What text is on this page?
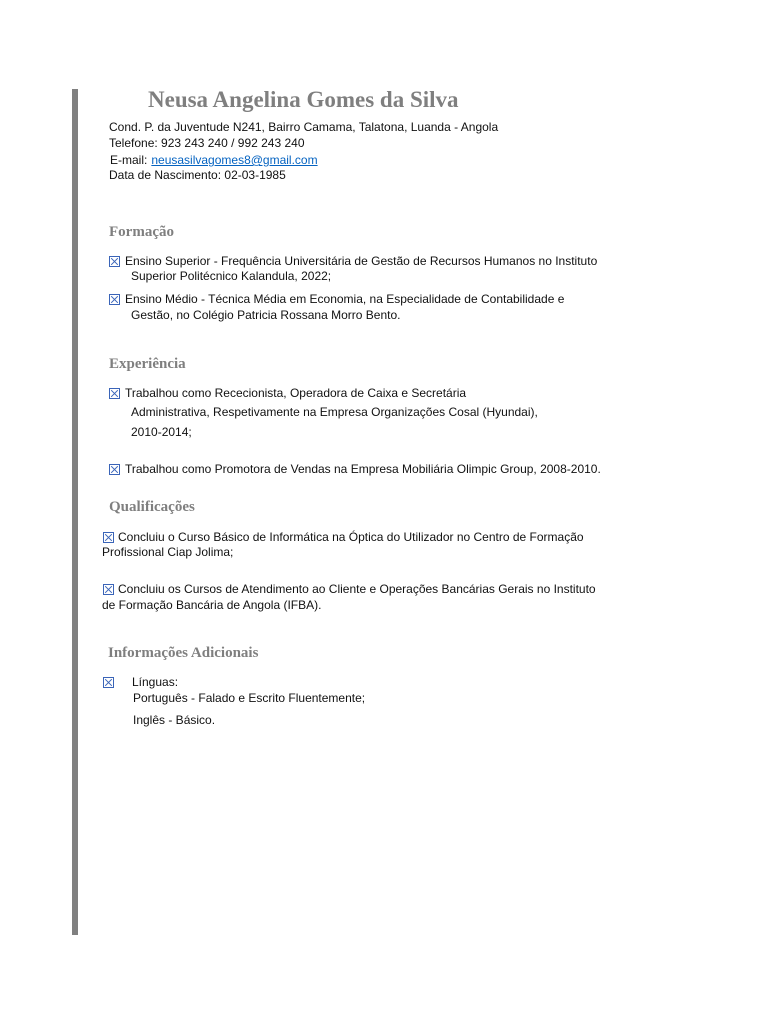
Neusa Angelina Gomes da Silva
Cond. P. da Juventude N241, Bairro Camama, Talatona, Luanda - Angola
Telefone: 923 243 240 / 992 243 240
E-mail: neusasilvagomes8@gmail.com
Data de Nascimento: 02-03-1985
Formação
Ensino Superior - Frequência Universitária de Gestão de Recursos Humanos no Instituto
Superior Politécnico Kalandula, 2022;
Ensino Médio - Técnica Média em Economia, na Especialidade de Contabilidade e
Gestão, no Colégio Patricia Rossana Morro Bento.
Experiência
Trabalhou como Rececionista, Operadora de Caixa e Secretária
Administrativa, Respetivamente na Empresa Organizações Cosal (Hyundai),
2010-2014;
Trabalhou como Promotora de Vendas na Empresa Mobiliária Olimpic Group, 2008-2010.
Qualificações
Concluiu o Curso Básico de Informática na Óptica do Utilizador no Centro de Formação
Profissional Ciap Jolima;
Concluiu os Cursos de Atendimento ao Cliente e Operações Bancárias Gerais no Instituto
de Formação Bancária de Angola (IFBA).
Informações Adicionais
Línguas:
Português - Falado e Escrito Fluentemente;
Inglês - Básico.
